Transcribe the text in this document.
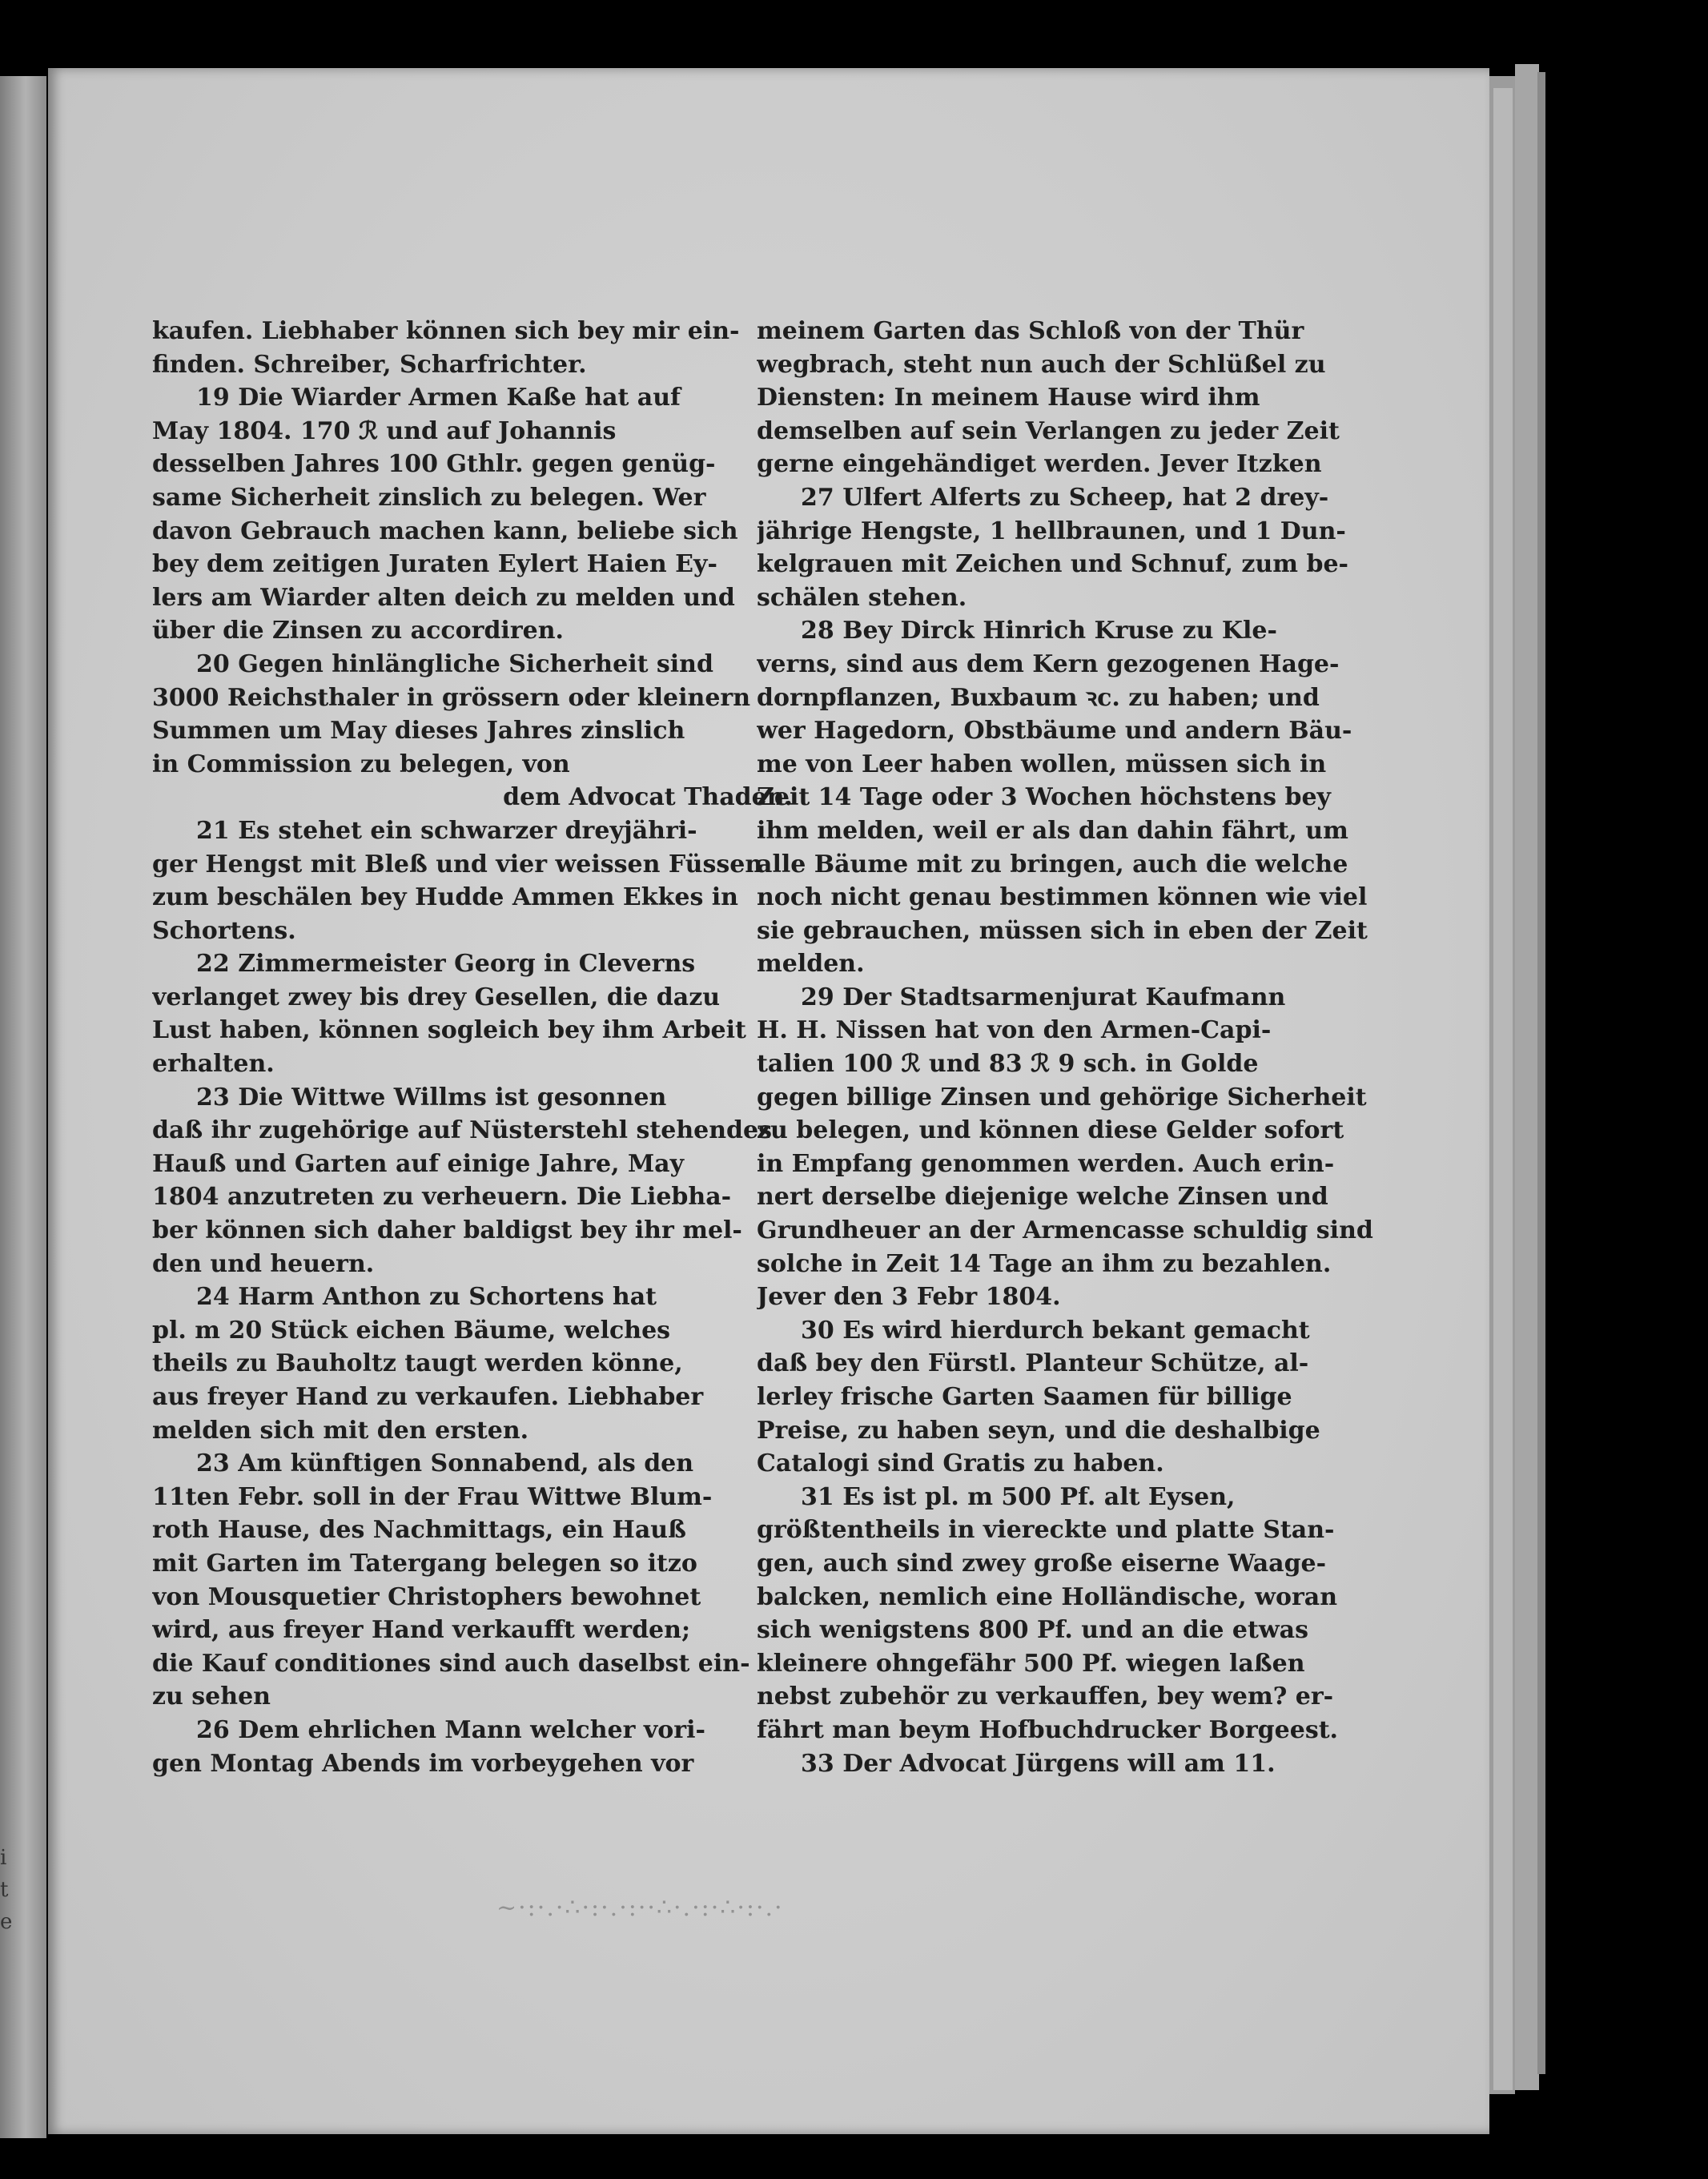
kaufen. Liebhaber können sich bey mir ein-
finden. Schreiber, Scharfrichter.
19 Die Wiarder Armen Kaße hat auf
May 1804. 170 ℛ und auf Johannis
desselben Jahres 100 Gthlr. gegen genüg-
same Sicherheit zinslich zu belegen. Wer
davon Gebrauch machen kann, beliebe sich
bey dem zeitigen Juraten Eylert Haien Ey-
lers am Wiarder alten deich zu melden und
über die Zinsen zu accordiren.
20 Gegen hinlängliche Sicherheit sind
3000 Reichsthaler in grössern oder kleinern
Summen um May dieses Jahres zinslich
in Commission zu belegen, von
dem Advocat Thaden.
21 Es stehet ein schwarzer dreyjähri-
ger Hengst mit Bleß und vier weissen Füssen
zum beschälen bey Hudde Ammen Ekkes in
Schortens.
22 Zimmermeister Georg in Cleverns
verlanget zwey bis drey Gesellen, die dazu
Lust haben, können sogleich bey ihm Arbeit
erhalten.
23 Die Wittwe Willms ist gesonnen
daß ihr zugehörige auf Nüsterstehl stehendes
Hauß und Garten auf einige Jahre, May
1804 anzutreten zu verheuern. Die Liebha-
ber können sich daher baldigst bey ihr mel-
den und heuern.
24 Harm Anthon zu Schortens hat
pl. m 20 Stück eichen Bäume, welches
theils zu Bauholtz taugt werden könne,
aus freyer Hand zu verkaufen. Liebhaber
melden sich mit den ersten.
23 Am künftigen Sonnabend, als den
11ten Febr. soll in der Frau Wittwe Blum-
roth Hause, des Nachmittags, ein Hauß
mit Garten im Tatergang belegen so itzo
von Mousquetier Christophers bewohnet
wird, aus freyer Hand verkaufft werden;
die Kauf conditiones sind auch daselbst ein-
zu sehen
26 Dem ehrlichen Mann welcher vori-
gen Montag Abends im vorbeygehen vor
meinem Garten das Schloß von der Thür
wegbrach, steht nun auch der Schlüßel zu
Diensten: In meinem Hause wird ihm
demselben auf sein Verlangen zu jeder Zeit
gerne eingehändiget werden. Jever Itzken
27 Ulfert Alferts zu Scheep, hat 2 drey-
jährige Hengste, 1 hellbraunen, und 1 Dun-
kelgrauen mit Zeichen und Schnuf, zum be-
schälen stehen.
28 Bey Dirck Hinrich Kruse zu Kle-
verns, sind aus dem Kern gezogenen Hage-
dornpflanzen, Buxbaum ꝛc. zu haben; und
wer Hagedorn, Obstbäume und andern Bäu-
me von Leer haben wollen, müssen sich in
Zeit 14 Tage oder 3 Wochen höchstens bey
ihm melden, weil er als dan dahin fährt, um
alle Bäume mit zu bringen, auch die welche
noch nicht genau bestimmen können wie viel
sie gebrauchen, müssen sich in eben der Zeit
melden.
29 Der Stadtsarmenjurat Kaufmann
H. H. Nissen hat von den Armen-Capi-
talien 100 ℛ und 83 ℛ 9 sch. in Golde
gegen billige Zinsen und gehörige Sicherheit
zu belegen, und können diese Gelder sofort
in Empfang genommen werden. Auch erin-
nert derselbe diejenige welche Zinsen und
Grundheuer an der Armencasse schuldig sind
solche in Zeit 14 Tage an ihm zu bezahlen.
Jever den 3 Febr 1804.
30 Es wird hierdurch bekant gemacht
daß bey den Fürstl. Planteur Schütze, al-
lerley frische Garten Saamen für billige
Preise, zu haben seyn, und die deshalbige
Catalogi sind Gratis zu haben.
31 Es ist pl. m 500 Pf. alt Eysen,
größtentheils in viereckte und platte Stan-
gen, auch sind zwey große eiserne Waage-
balcken, nemlich eine Holländische, woran
sich wenigstens 800 Pf. und an die etwas
kleinere ohngefähr 500 Pf. wiegen laßen
nebst zubehör zu verkauffen, bey wem? er-
fährt man beym Hofbuchdrucker Borgeest.
33 Der Advocat Jürgens will am 11.
~·:·.·∴·:·.·:··∴·.·:·∴·:·.·
i
t
e
